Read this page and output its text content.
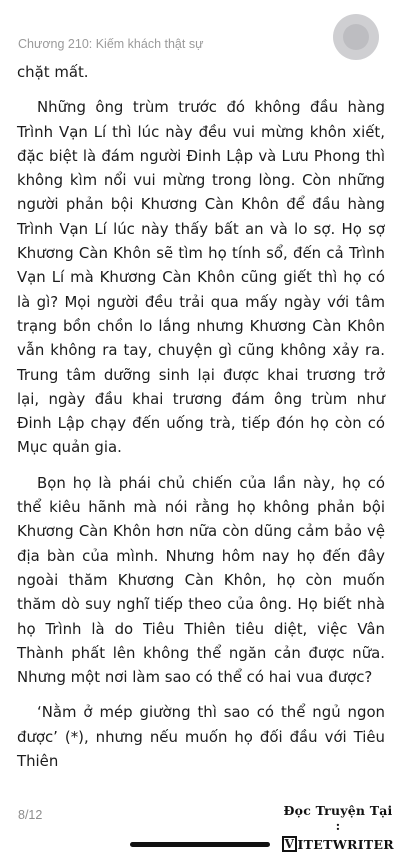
Chương 210: Kiếm khách thật sự

chặt mất.

Những ông trùm trước đó không đầu hàng Trình Vạn Lí thì lúc này đều vui mừng khôn xiết, đặc biệt là đám người Đinh Lập và Lưu Phong thì không kìm nổi vui mừng trong lòng. Còn những người phản bội Khương Càn Khôn để đầu hàng Trình Vạn Lí lúc này thấy bất an và lo sợ. Họ sợ Khương Càn Khôn sẽ tìm họ tính sổ, đến cả Trình Vạn Lí mà Khương Càn Khôn cũng giết thì họ có là gì? Mọi người đều trải qua mấy ngày với tâm trạng bồn chồn lo lắng nhưng Khương Càn Khôn vẫn không ra tay, chuyện gì cũng không xảy ra. Trung tâm dưỡng sinh lại được khai trương trở lại, ngày đầu khai trương đám ông trùm như Đinh Lập chạy đến uống trà, tiếp đón họ còn có Mục quản gia.

Bọn họ là phái chủ chiến của lần này, họ có thể kiêu hãnh mà nói rằng họ không phản bội Khương Càn Khôn hơn nữa còn dũng cảm bảo vệ địa bàn của mình. Nhưng hôm nay họ đến đây ngoài thăm Khương Càn Khôn, họ còn muốn thăm dò suy nghĩ tiếp theo của ông. Họ biết nhà họ Trình là do Tiêu Thiên tiêu diệt, việc Vân Thành phất lên không thể ngăn cản được nữa. Nhưng một nơi làm sao có thể có hai vua được?

‘Nằm ở mép giường thì sao có thể ngủ ngon được’ (*), nhưng nếu muốn họ đối đầu với Tiêu Thiên

8/12	Đọc Truyện Tại :
V ITETWRITER
